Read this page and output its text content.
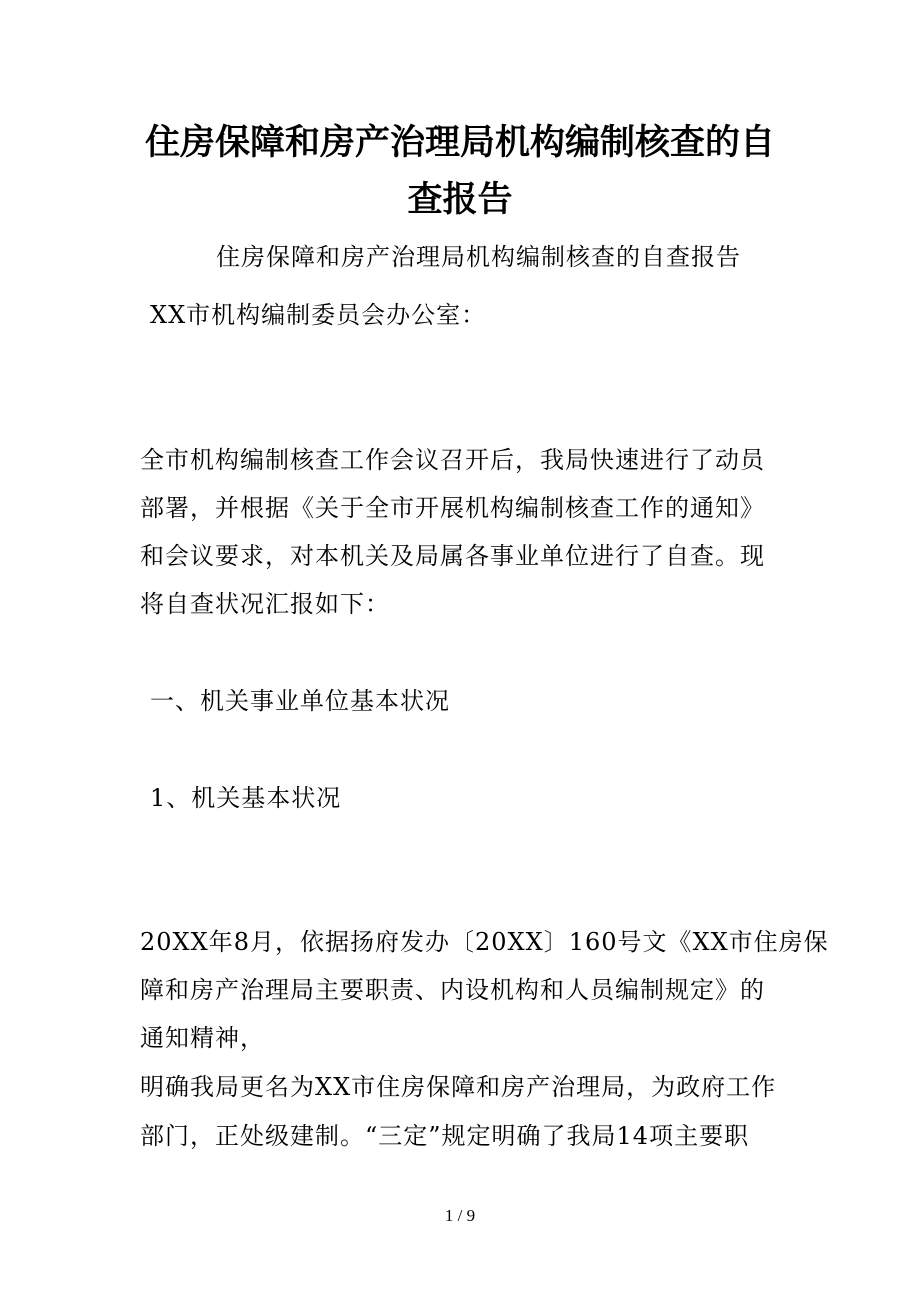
住房保障和房产治理局机构编制核查的自
查报告
住房保障和房产治理局机构编制核查的自查报告
XX市机构编制委员会办公室：
全市机构编制核查工作会议召开后，我局快速进行了动员
部署，并根据《关于全市开展机构编制核查工作的通知》
和会议要求，对本机关及局属各事业单位进行了自查。现
将自查状况汇报如下：
一、机关事业单位基本状况
1、机关基本状况
20XX年8月，依据扬府发办〔20XX〕160号文《XX市住房保
障和房产治理局主要职责、内设机构和人员编制规定》的
通知精神，
明确我局更名为XX市住房保障和房产治理局，为政府工作
部门，正处级建制。“三定”规定明确了我局14项主要职
1 / 9
